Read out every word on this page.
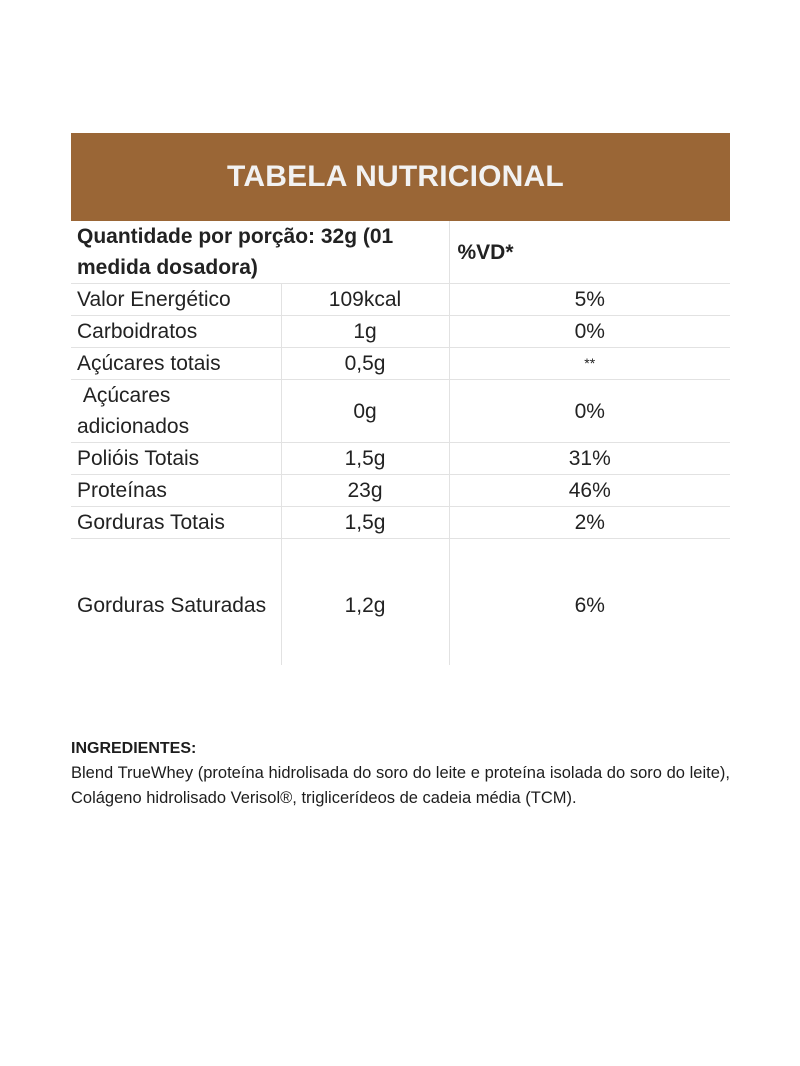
TABELA NUTRICIONAL
Quantidade por porção: 32g (01 medida dosadora)		%VD*
Valor Energético	109kcal	5%
Carboidratos	1g	0%
Açúcares totais	0,5g	**
Açúcares adicionados	0g	0%
Polióis Totais	1,5g	31%
Proteínas	23g	46%
Gorduras Totais	1,5g	2%
Gorduras Saturadas	1,2g	6%

INGREDIENTES:

Blend TrueWhey (proteína hidrolisada do soro do leite e proteína isolada do soro do leite), Colágeno hidrolisado Verisol®, triglicerídeos de cadeia média (TCM).
